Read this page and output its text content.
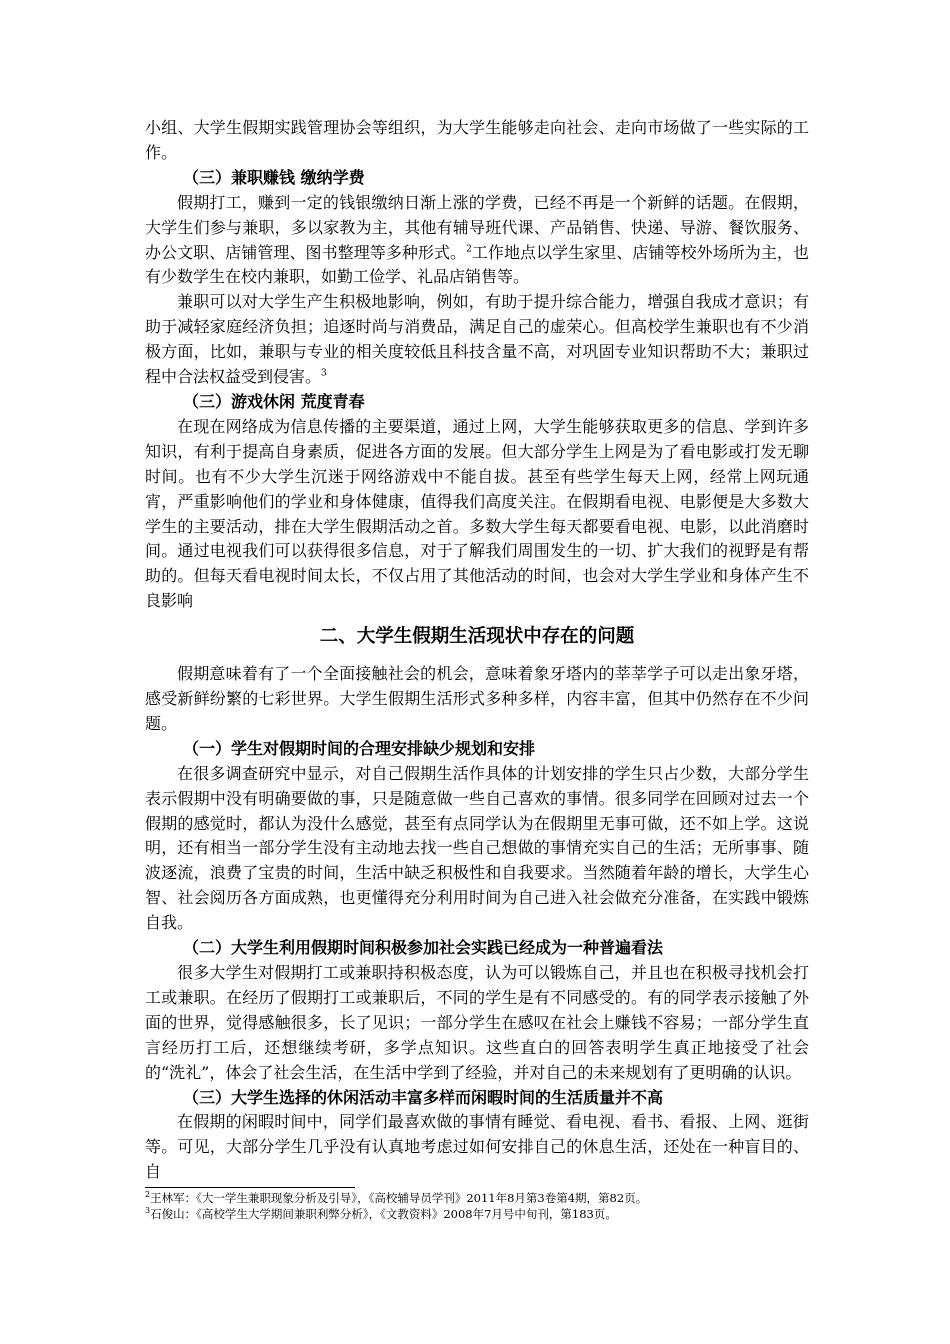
小组、大学生假期实践管理协会等组织，为大学生能够走向社会、走向市场做了一些实际的工作。

（三）兼职赚钱 缴纳学费

假期打工，赚到一定的钱银缴纳日渐上涨的学费，已经不再是一个新鲜的话题。在假期，大学生们参与兼职，多以家教为主，其他有辅导班代课、产品销售、快递、导游、餐饮服务、办公文职、店铺管理、图书整理等多种形式。$^2$工作地点以学生家里、店铺等校外场所为主，也有少数学生在校内兼职，如勤工俭学、礼品店销售等。

兼职可以对大学生产生积极地影响，例如，有助于提升综合能力，增强自我成才意识；有助于减轻家庭经济负担；追逐时尚与消费品，满足自己的虚荣心。但高校学生兼职也有不少消极方面，比如，兼职与专业的相关度较低且科技含量不高，对巩固专业知识帮助不大；兼职过程中合法权益受到侵害。$^3$

（三）游戏休闲 荒度青春

在现在网络成为信息传播的主要渠道，通过上网，大学生能够获取更多的信息、学到许多知识，有利于提高自身素质，促进各方面的发展。但大部分学生上网是为了看电影或打发无聊时间。也有不少大学生沉迷于网络游戏中不能自拔。甚至有些学生每天上网，经常上网玩通宵，严重影响他们的学业和身体健康，值得我们高度关注。在假期看电视、电影便是大多数大学生的主要活动，排在大学生假期活动之首。多数大学生每天都要看电视、电影，以此消磨时间。通过电视我们可以获得很多信息，对于了解我们周围发生的一切、扩大我们的视野是有帮助的。但每天看电视时间太长，不仅占用了其他活动的时间，也会对大学生学业和身体产生不良影响

二、大学生假期生活现状中存在的问题

假期意味着有了一个全面接触社会的机会，意味着象牙塔内的莘莘学子可以走出象牙塔，感受新鲜纷繁的七彩世界。大学生假期生活形式多种多样，内容丰富，但其中仍然存在不少问题。

（一）学生对假期时间的合理安排缺少规划和安排

在很多调查研究中显示，对自己假期生活作具体的计划安排的学生只占少数，大部分学生表示假期中没有明确要做的事，只是随意做一些自己喜欢的事情。很多同学在回顾对过去一个假期的感觉时，都认为没什么感觉，甚至有点同学认为在假期里无事可做，还不如上学。这说明，还有相当一部分学生没有主动地去找一些自己想做的事情充实自己的生活；无所事事、随波逐流，浪费了宝贵的时间，生活中缺乏积极性和自我要求。当然随着年龄的增长，大学生心智、社会阅历各方面成熟，也更懂得充分利用时间为自己进入社会做充分准备，在实践中锻炼自我。

（二）大学生利用假期时间积极参加社会实践已经成为一种普遍看法

很多大学生对假期打工或兼职持积极态度，认为可以锻炼自己，并且也在积极寻找机会打工或兼职。在经历了假期打工或兼职后，不同的学生是有不同感受的。有的同学表示接触了外面的世界，觉得感触很多，长了见识；一部分学生在感叹在社会上赚钱不容易；一部分学生直言经历打工后，还想继续考研，多学点知识。这些直白的回答表明学生真正地接受了社会的“洗礼”，体会了社会生活，在生活中学到了经验，并对自己的未来规划有了更明确的认识。

（三）大学生选择的休闲活动丰富多样而闲暇时间的生活质量并不高

在假期的闲暇时间中，同学们最喜欢做的事情有睡觉、看电视、看书、看报、上网、逛街等。可见，大部分学生几乎没有认真地考虑过如何安排自己的休息生活，还处在一种盲目的、自

$^2$王林军：《大一学生兼职现象分析及引导》，《高校辅导员学刊》2011年8月第3卷第4期，第82页。

$^3$石俊山：《高校学生大学期间兼职利弊分析》，《文教资料》2008年7月号中旬刊，第183页。
